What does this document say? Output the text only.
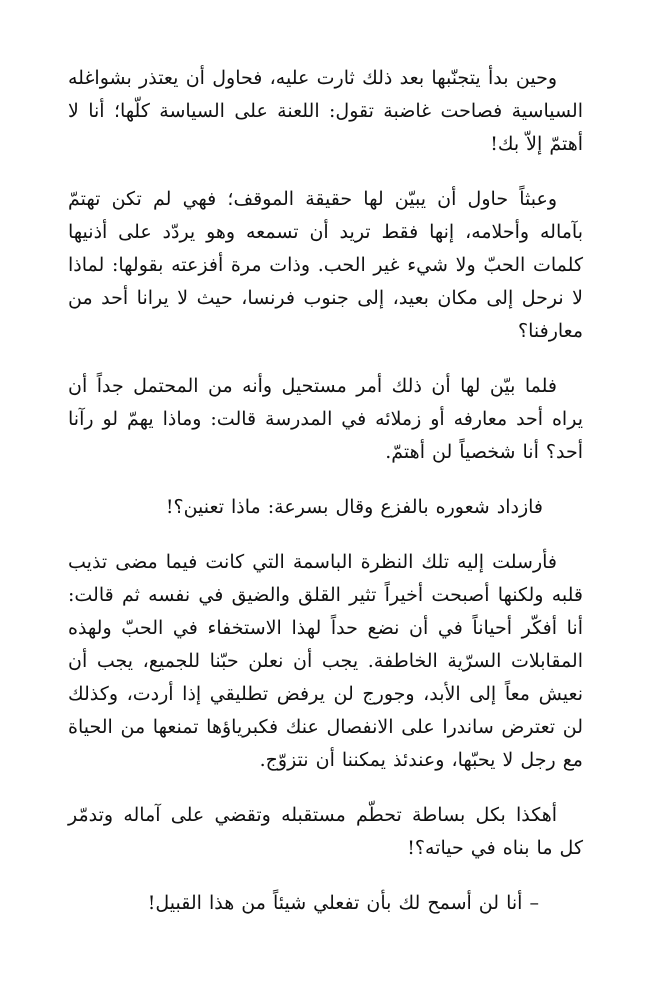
وحين بدأ يتجنّبها بعد ذلك ثارت عليه، فحاول أن يعتذر بشواغله السياسية فصاحت غاضبة تقول: اللعنة على السياسة كلّها؛ أنا لا أهتمّ إلاّ بك!

وعبثاً حاول أن يبيّن لها حقيقة الموقف؛ فهي لم تكن تهتمّ بآماله وأحلامه، إنها فقط تريد أن تسمعه وهو يردّد على أذنيها كلمات الحبّ ولا شيء غير الحب. وذات مرة أفزعته بقولها: لماذا لا نرحل إلى مكان بعيد، إلى جنوب فرنسا، حيث لا يرانا أحد من معارفنا؟

فلما بيّن لها أن ذلك أمر مستحيل وأنه من المحتمل جداً أن يراه أحد معارفه أو زملائه في المدرسة قالت: وماذا يهمّ لو رآنا أحد؟ أنا شخصياً لن أهتمّ.

فازداد شعوره بالفزع وقال بسرعة: ماذا تعنين؟!

فأرسلت إليه تلك النظرة الباسمة التي كانت فيما مضى تذيب قلبه ولكنها أصبحت أخيراً تثير القلق والضيق في نفسه ثم قالت: أنا أفكّر أحياناً في أن نضع حداً لهذا الاستخفاء في الحبّ ولهذه المقابلات السرّية الخاطفة. يجب أن نعلن حبّنا للجميع، يجب أن نعيش معاً إلى الأبد، وجورج لن يرفض تطليقي إذا أردت، وكذلك لن تعترض ساندرا على الانفصال عنك فكبرياؤها تمنعها من الحياة مع رجل لا يحبّها، وعندئذ يمكننا أن نتزوّج.

أهكذا بكل بساطة تحطّم مستقبله وتقضي على آماله وتدمّر كل ما بناه في حياته؟!

– أنا لن أسمح لك بأن تفعلي شيئاً من هذا القبيل!
